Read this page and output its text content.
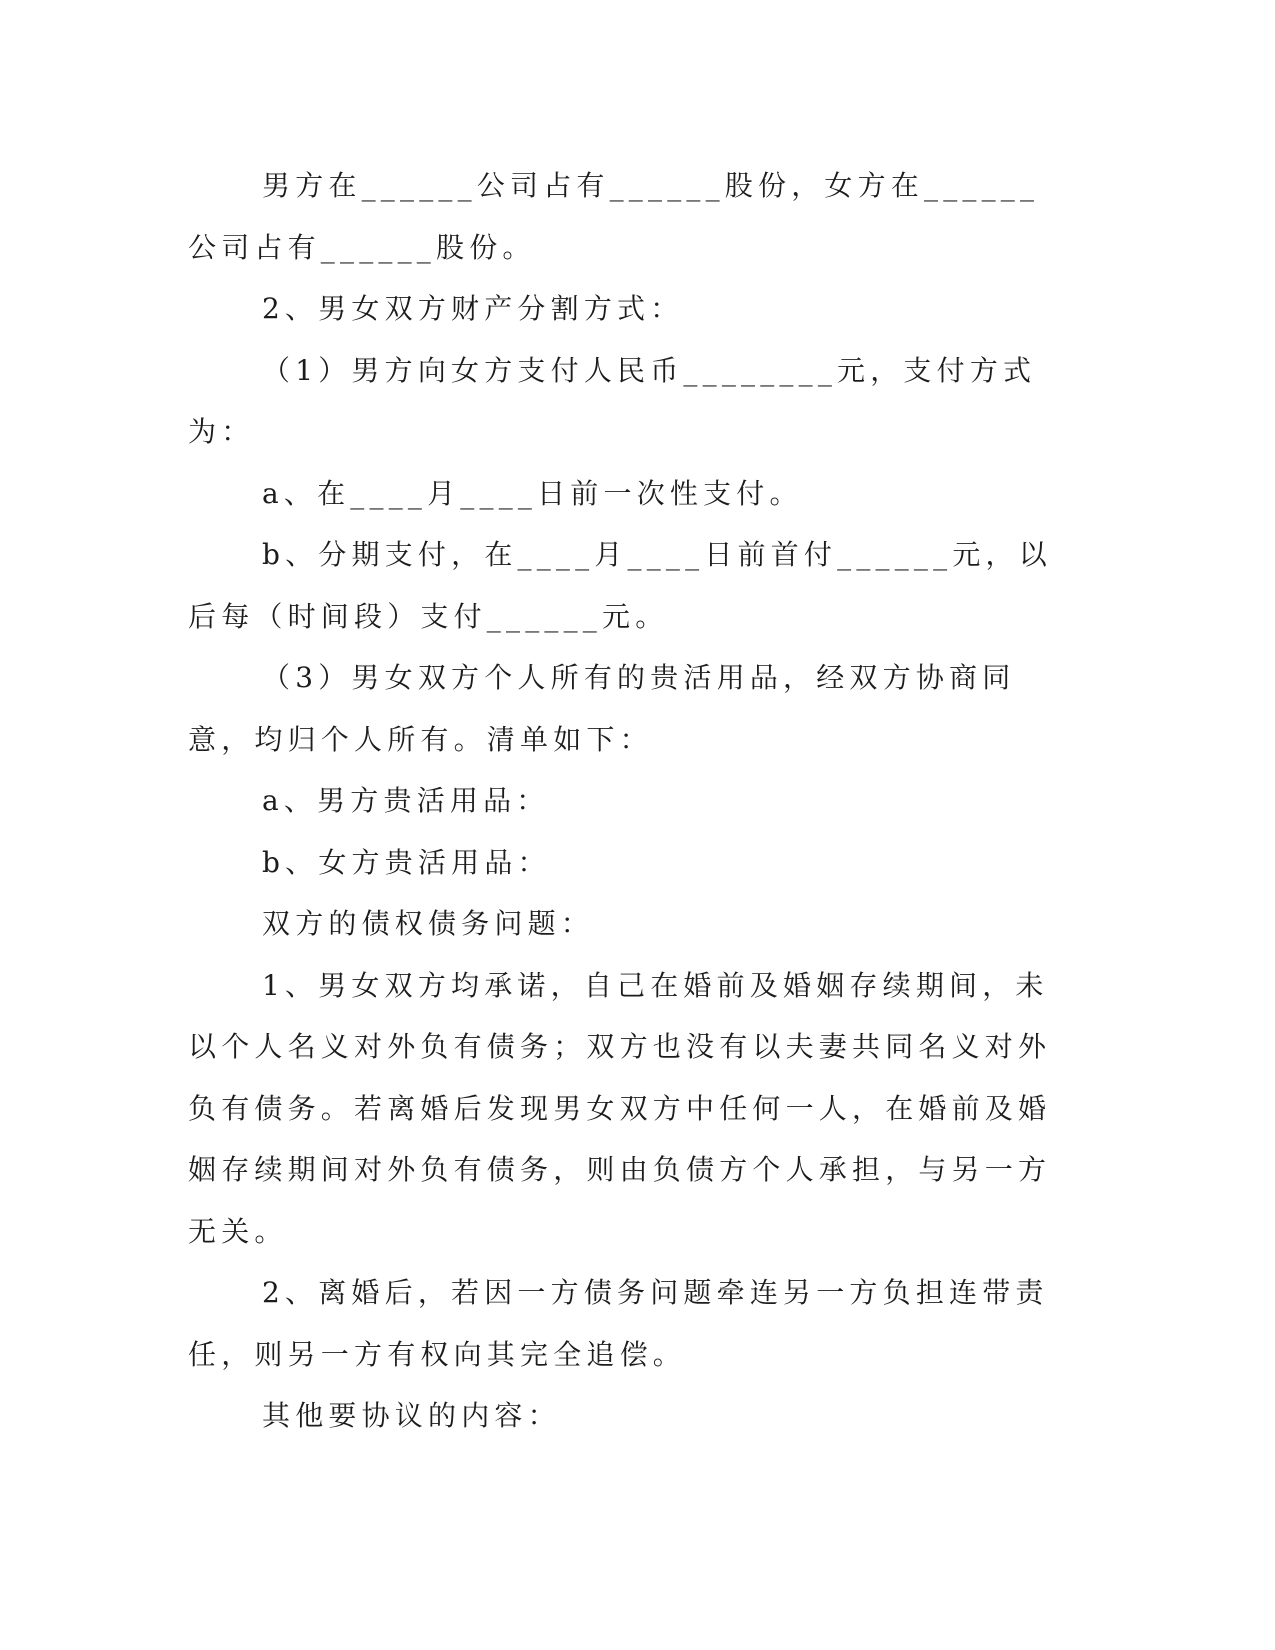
男方在______公司占有______股份，女方在______公司占有______股份。

2、男女双方财产分割方式：

（1）男方向女方支付人民币________元，支付方式为：

a、在____月____日前一次性支付。

b、分期支付，在____月____日前首付______元，以后每（时间段）支付______元。

（3）男女双方个人所有的贵活用品，经双方协商同意，均归个人所有。清单如下：

a、男方贵活用品：

b、女方贵活用品：

双方的债权债务问题：

1、男女双方均承诺，自己在婚前及婚姻存续期间，未以个人名义对外负有债务；双方也没有以夫妻共同名义对外负有债务。若离婚后发现男女双方中任何一人，在婚前及婚姻存续期间对外负有债务，则由负债方个人承担，与另一方无关。

2、离婚后，若因一方债务问题牵连另一方负担连带责任，则另一方有权向其完全追偿。

其他要协议的内容：
